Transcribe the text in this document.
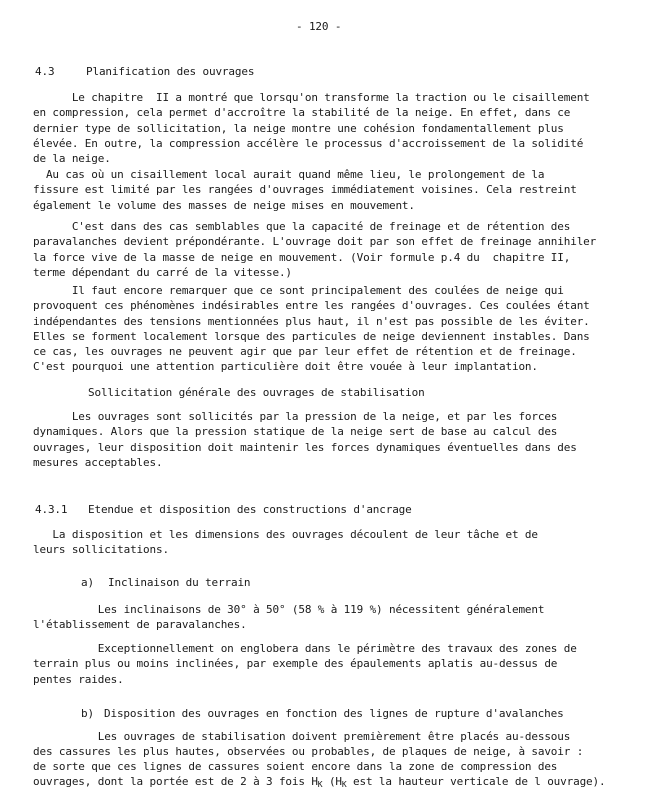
- 120 -
4.3	Planification des ouvrages
Le chapitre  II a montré que lorsqu'on transforme la traction ou le cisaillement
en compression, cela permet d'accroître la stabilité de la neige. En effet, dans ce
dernier type de sollicitation, la neige montre une cohésion fondamentallement plus
élevée. En outre, la compression accélère le processus d'accroissement de la solidité
de la neige.
Au cas où un cisaillement local aurait quand même lieu, le prolongement de la
fissure est limité par les rangées d'ouvrages immédiatement voisines. Cela restreint
également le volume des masses de neige mises en mouvement.
C'est dans des cas semblables que la capacité de freinage et de rétention des
paravalanches devient prépondérante. L'ouvrage doit par son effet de freinage annihiler
la force vive de la masse de neige en mouvement. (Voir formule p.4 du  chapitre II,
terme dépendant du carré de la vitesse.)
Il faut encore remarquer que ce sont principalement des coulées de neige qui
provoquent ces phénomènes indésirables entre les rangées d'ouvrages. Ces coulées étant
indépendantes des tensions mentionnées plus haut, il n'est pas possible de les éviter.
Elles se forment localement lorsque des particules de neige deviennent instables. Dans
ce cas, les ouvrages ne peuvent agir que par leur effet de rétention et de freinage.
C'est pourquoi une attention particulière doit être vouée à leur implantation.
Sollicitation générale des ouvrages de stabilisation
Les ouvrages sont sollicités par la pression de la neige, et par les forces
dynamiques. Alors que la pression statique de la neige sert de base au calcul des
ouvrages, leur disposition doit maintenir les forces dynamiques éventuelles dans des
mesures acceptables.
4.3.1 Etendue et disposition des constructions d'ancrage
La disposition et les dimensions des ouvrages découlent de leur tâche et de
leurs sollicitations.
a) Inclinaison du terrain
Les inclinaisons de 30° à 50° (58 % à 119 %) nécessitent généralement
l'établissement de paravalanches.
Exceptionnellement on englobera dans le périmètre des travaux des zones de
terrain plus ou moins inclinées, par exemple des épaulements aplatis au-dessus de
pentes raides.
b) Disposition des ouvrages en fonction des lignes de rupture d'avalanches
Les ouvrages de stabilisation doivent premièrement être placés au-dessous
des cassures les plus hautes, observées ou probables, de plaques de neige, à savoir :
de sorte que ces lignes de cassures soient encore dans la zone de compression des
ouvrages, dont la portée est de 2 à 3 fois $H_K$ ($H_K$ est la hauteur verticale de l ouvrage).
